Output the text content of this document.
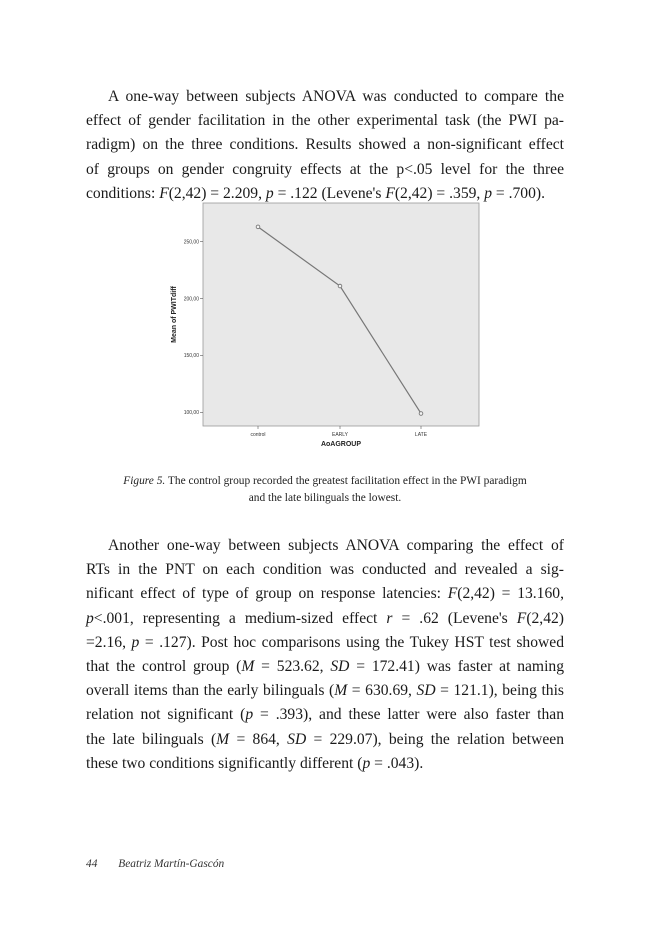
A one-way between subjects ANOVA was conducted to compare the
effect of gender facilitation in the other experimental task (the PWI pa-
radigm) on the three conditions. Results showed a non-significant effect
of groups on gender congruity effects at the p<.05 level for the three
conditions: F(2,42) = 2.209, p = .122 (Levene's F(2,42) = .359, p = .700).
100,00
150,00
200,00
250,00
control	EARLY	LATE
AoAGROUP
Mean of PWITdiff
Figure 5. The control group recorded the greatest facilitation effect in the PWI paradigm
and the late bilinguals the lowest.
Another one-way between subjects ANOVA comparing the effect of
RTs in the PNT on each condition was conducted and revealed a sig-
nificant effect of type of group on response latencies: F(2,42) = 13.160,
p<.001, representing a medium-sized effect r = .62 (Levene's F(2,42)
=2.16, p = .127). Post hoc comparisons using the Tukey HST test showed
that the control group (M = 523.62, SD = 172.41) was faster at naming
overall items than the early bilinguals (M = 630.69, SD = 121.1), being this
relation not significant (p = .393), and these latter were also faster than
the late bilinguals (M = 864, SD = 229.07), being the relation between
these two conditions significantly different (p = .043).
44 Beatriz Martín-Gascón
